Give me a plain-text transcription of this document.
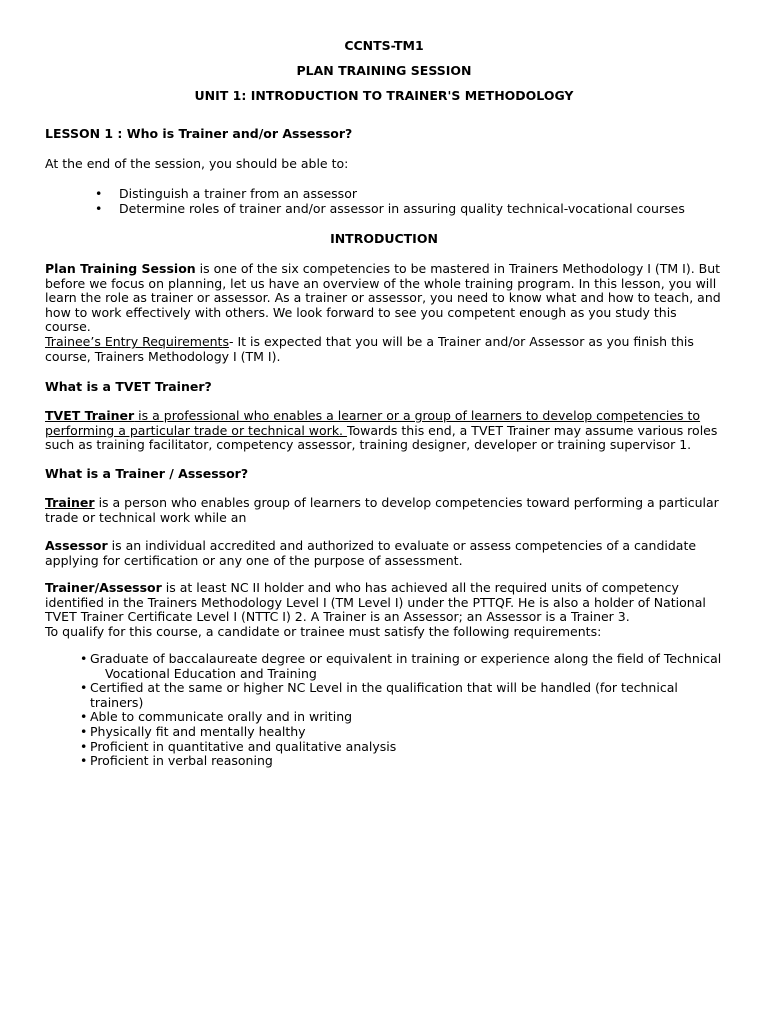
CCNTS-TM1

PLAN TRAINING SESSION

UNIT 1: INTRODUCTION TO TRAINER'S METHODOLOGY

LESSON 1 : Who is Trainer and/or Assessor?

At the end of the session, you should be able to:

• Distinguish a trainer from an assessor
• Determine roles of trainer and/or assessor in assuring quality technical-vocational courses

INTRODUCTION

Plan Training Session is one of the six competencies to be mastered in Trainers Methodology I (TM I). But
before we focus on planning, let us have an overview of the whole training program. In this lesson, you will
learn the role as trainer or assessor. As a trainer or assessor, you need to know what and how to teach, and
how to work effectively with others. We look forward to see you competent enough as you study this course.
Trainee’s Entry Requirements- It is expected that you will be a Trainer and/or Assessor as you finish this
course, Trainers Methodology I (TM I).

What is a TVET Trainer?

TVET Trainer is a professional who enables a learner or a group of learners to develop competencies to
performing a particular trade or technical work. Towards this end, a TVET Trainer may assume various roles
such as training facilitator, competency assessor, training designer, developer or training supervisor 1.

What is a Trainer / Assessor?

Trainer is a person who enables group of learners to develop competencies toward performing a particular
trade or technical work while an
Assessor is an individual accredited and authorized to evaluate or assess competencies of a candidate
applying for certification or any one of the purpose of assessment.
Trainer/Assessor is at least NC II holder and who has achieved all the required units of competency
identified in the Trainers Methodology Level I (TM Level I) under the PTTQF. He is also a holder of National
TVET Trainer Certificate Level I (NTTC I) 2. A Trainer is an Assessor; an Assessor is a Trainer 3.
To qualify for this course, a candidate or trainee must satisfy the following requirements:
• Graduate of baccalaureate degree or equivalent in training or experience along the field of Technical
Vocational Education and Training
• Certified at the same or higher NC Level in the qualification that will be handled (for technical trainers)
• Able to communicate orally and in writing
• Physically fit and mentally healthy
• Proficient in quantitative and qualitative analysis
• Proficient in verbal reasoning
